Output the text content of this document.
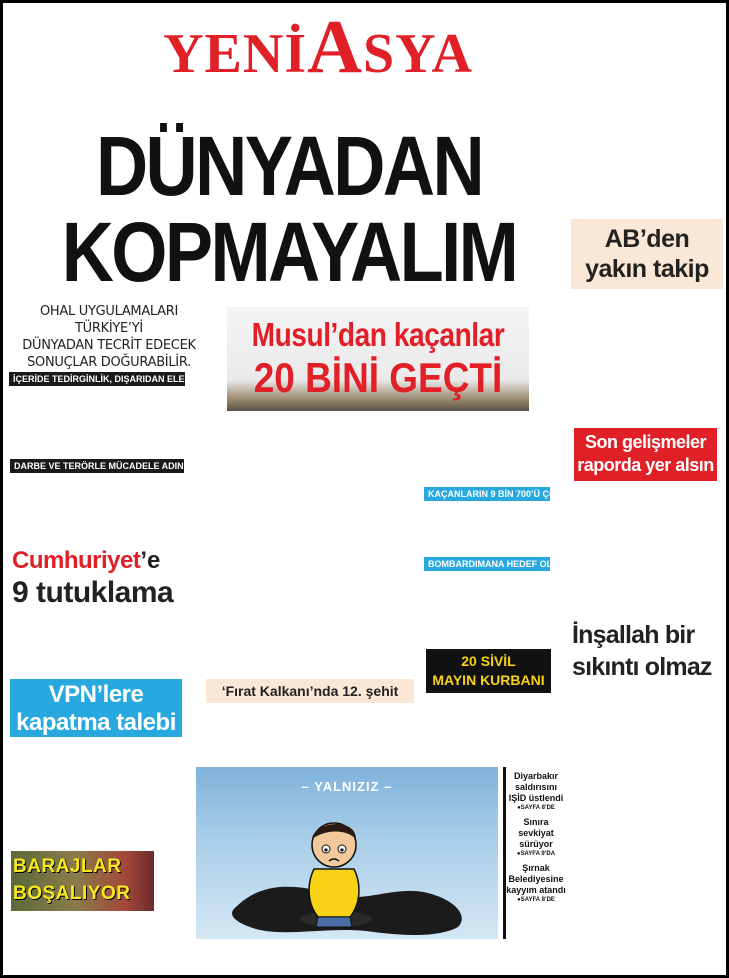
YENİASYA
DÜNYADAN
KOPMAYALIM	AB’den
yakın takip
OHAL UYGULAMALARI TÜRKİYE’Yİ
DÜNYADAN TECRİT EDECEK
SONUÇLAR DOĞURABİLİR.
İÇERİDE TEDİRGİNLİK, DIŞARIDAN ELEŞTİRİ
Musul’dan kaçanlar
20 BİNİ GEÇTİ
Son gelişmeler
raporda yer alsın
DARBE VE TERÖRLE MÜCADELE ADINA TASFİYE
KAÇANLARIN 9 BİN 700’Ü ÇOCUK
Cumhuriyet’e
9 tutuklama
BOMBARDIMANA HEDEF OLDULAR
İnşallah bir
sıkıntı olmaz
20 SİVİL
MAYIN KURBANI
VPN’lere
kapatma talebi
‘Fırat Kalkanı’nda 12. şehit
– YALNIZIZ –
Diyarbakır
saldırısını
IŞİD üstlendi
●SAYFA 8’DE
Sınıra
sevkiyat
sürüyor
●SAYFA 9’DA
Şırnak
Belediyesine
kayyım atandı
●SAYFA 8’DE
BARAJLAR
BOŞALIYOR
